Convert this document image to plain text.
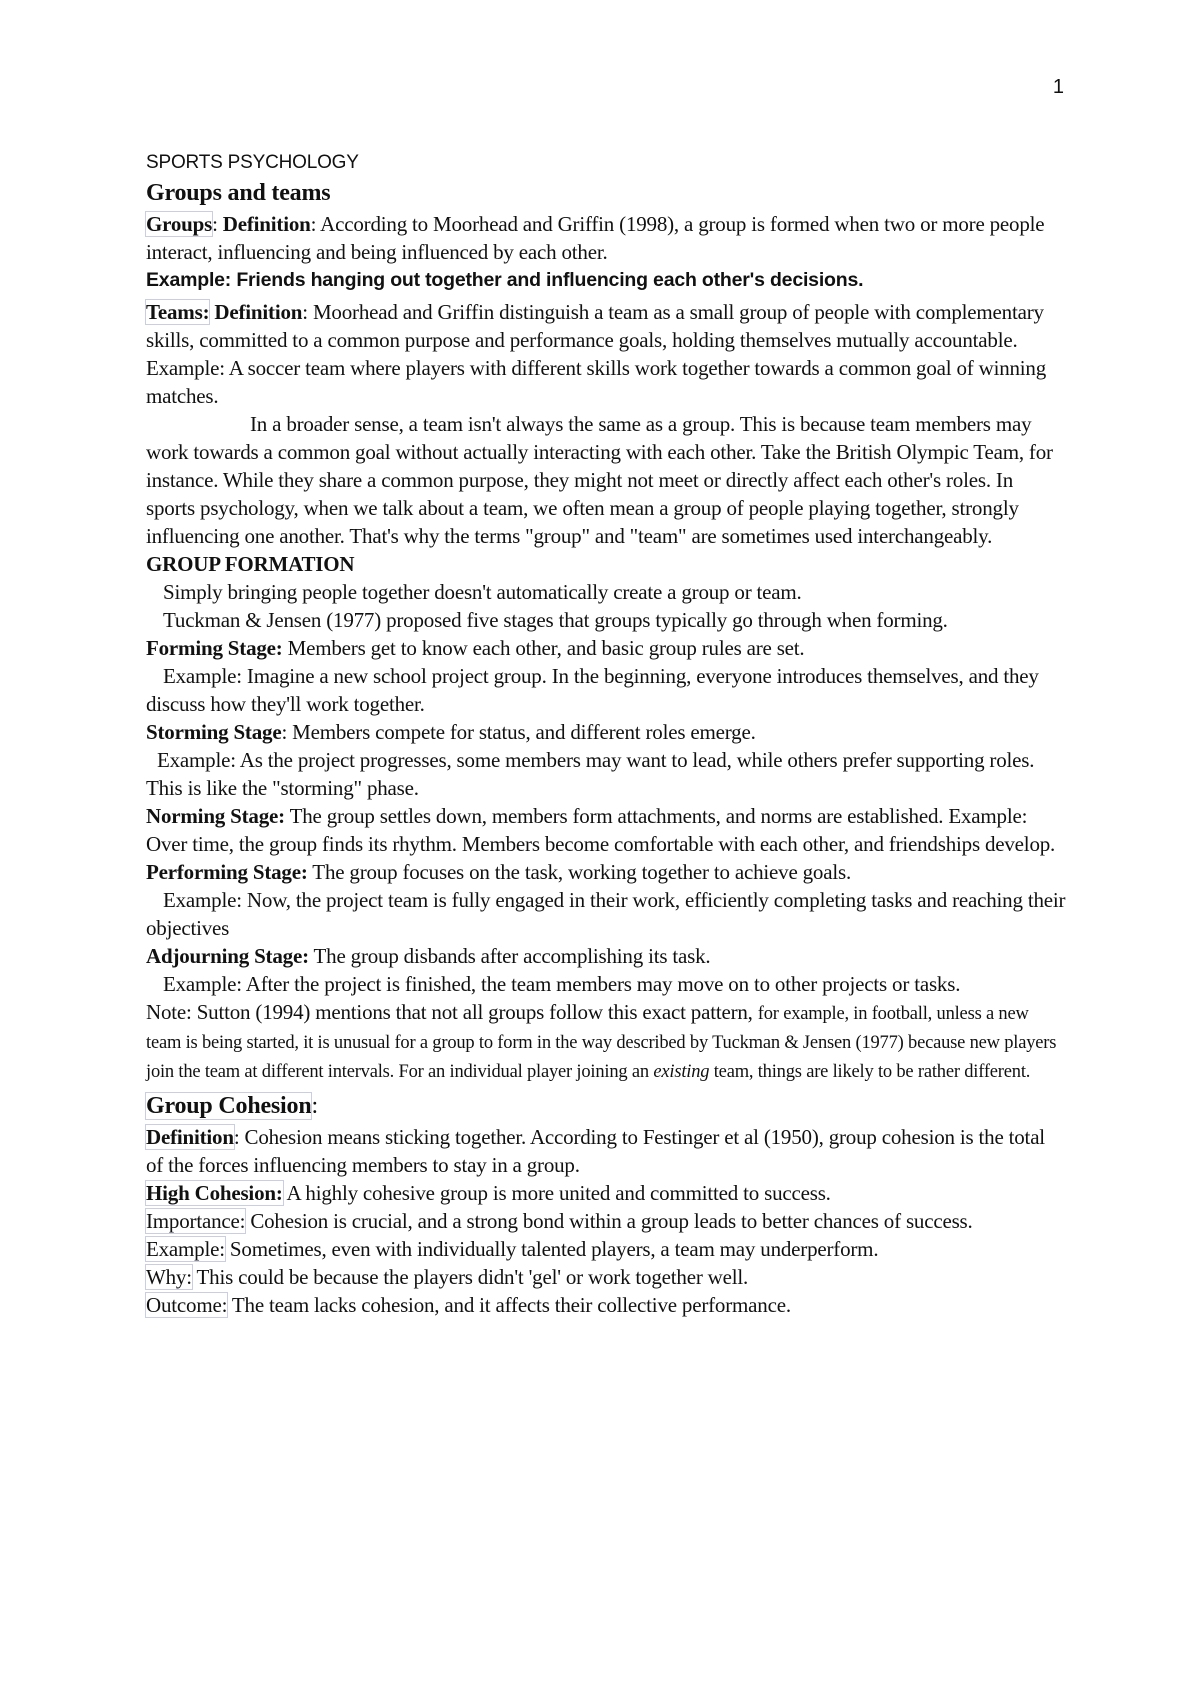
1
SPORTS PSYCHOLOGY
Groups and teams

Groups: Definition: According to Moorhead and Griffin (1998), a group is formed when two or more people interact, influencing and being influenced by each other.

Example: Friends hanging out together and influencing each other's decisions.

Teams: Definition: Moorhead and Griffin distinguish a team as a small group of people with complementary skills, committed to a common purpose and performance goals, holding themselves mutually accountable.

Example: A soccer team where players with different skills work together towards a common goal of winning matches.

In a broader sense, a team isn't always the same as a group. This is because team members may work towards a common goal without actually interacting with each other. Take the British Olympic Team, for instance. While they share a common purpose, they might not meet or directly affect each other's roles. In sports psychology, when we talk about a team, we often mean a group of people playing together, strongly influencing one another. That's why the terms "group" and "team" are sometimes used interchangeably.

GROUP FORMATION

Simply bringing people together doesn't automatically create a group or team.

Tuckman & Jensen (1977) proposed five stages that groups typically go through when forming.

Forming Stage: Members get to know each other, and basic group rules are set.

Example: Imagine a new school project group. In the beginning, everyone introduces themselves, and they discuss how they'll work together.

Storming Stage: Members compete for status, and different roles emerge.

Example: As the project progresses, some members may want to lead, while others prefer supporting roles. This is like the "storming" phase.

Norming Stage: The group settles down, members form attachments, and norms are established. Example: Over time, the group finds its rhythm. Members become comfortable with each other, and friendships develop.

Performing Stage: The group focuses on the task, working together to achieve goals.

Example: Now, the project team is fully engaged in their work, efficiently completing tasks and reaching their objectives

Adjourning Stage: The group disbands after accomplishing its task.

Example: After the project is finished, the team members may move on to other projects or tasks.

Note: Sutton (1994) mentions that not all groups follow this exact pattern, for example, in football, unless a new team is being started, it is unusual for a group to form in the way described by Tuckman & Jensen (1977) because new players join the team at different intervals. For an individual player joining an existing team, things are likely to be rather different.

Group Cohesion:

Definition: Cohesion means sticking together. According to Festinger et al (1950), group cohesion is the total of the forces influencing members to stay in a group.

High Cohesion: A highly cohesive group is more united and committed to success.

Importance: Cohesion is crucial, and a strong bond within a group leads to better chances of success.

Example: Sometimes, even with individually talented players, a team may underperform.

Why: This could be because the players didn't 'gel' or work together well.

Outcome: The team lacks cohesion, and it affects their collective performance.
